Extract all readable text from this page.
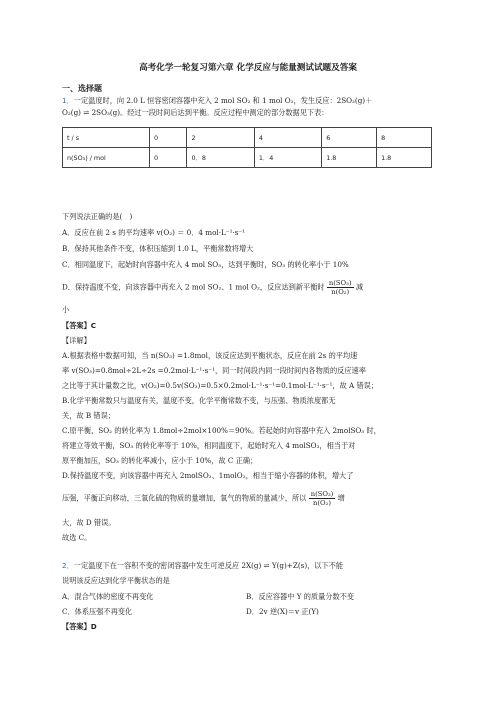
高考化学一轮复习第六章 化学反应与能量测试试题及答案
一、选择题
1．一定温度时，向 2.0 L 恒容密闭容器中充入 2 mol SO₂ 和 1 mol O₂，发生反应：2SO₂(g)＋
O₂(g) ⇌ 2SO₃(g)。经过一段时间后达到平衡。反应过程中测定的部分数据见下表：
t / s	0	2	4	6	8
n(SO₃) / mol	0	0．8	1．4	1.8	1.8
下列说法正确的是(　)
A．反应在前 2 s 的平均速率 v(O₂) ＝ 0．4 mol·L⁻¹·s⁻¹
B．保持其他条件不变，体积压缩到 1.0 L，平衡常数将增大
C．相同温度下，起始时向容器中充入 4 mol SO₃，达到平衡时，SO₃ 的转化率小于 10%
D．保持温度不变，向该容器中再充入 2 mol SO₂、1 mol O₂，反应达到新平衡时 $\frac{\text{n(SO₃)}}{\text{n(O₂)}}$ 减
小
【答案】C
【详解】
A.根据表格中数据可知，当 n(SO₃) =1.8mol，该反应达到平衡状态，反应在前 2s 的平均速
率 v(SO₃)=0.8mol÷2L÷2s =0.2mol·L⁻¹·s⁻¹，同一时间段内同一段时间内各物质的反应速率
之比等于其计量数之比，v(O₂)=0.5v(SO₃)=0.5×0.2mol·L⁻¹·s⁻¹=0.1mol·L⁻¹·s⁻¹，故 A 错误；
B.化学平衡常数只与温度有关，温度不变，化学平衡常数不变，与压强、物质浓度都无
关，故 B 错误；
C.原平衡，SO₂ 的转化率为 1.8mol÷2mol×100%＝90%。若起始时向容器中充入 2molSO₃ 时，
将建立等效平衡，SO₃ 的转化率等于 10%，相同温度下，起始时充入 4 molSO₃，相当于对
原平衡加压，SO₃ 的转化率减小，应小于 10%，故 C 正确；
D.保持温度不变，向该容器中再充入 2molSO₂、1molO₂，相当于缩小容器的体积，增大了
压强，平衡正向移动，三氧化硫的物质的量增加，氧气的物质的量减少，所以 $\frac{\text{n(SO₃)}}{\text{n(O₂)}}$ 增
大，故 D 错误。
故选 C。
2．一定温度下在一容积不变的密闭容器中发生可逆反应 2X(g) ⇌ Y(g)+Z(s)，以下不能
说明该反应达到化学平衡状态的是
A．混合气体的密度不再变化	B．反应容器中 Y 的质量分数不变
C．体系压强不再变化	D．2v 逆(X)＝v 正(Y)
【答案】D
